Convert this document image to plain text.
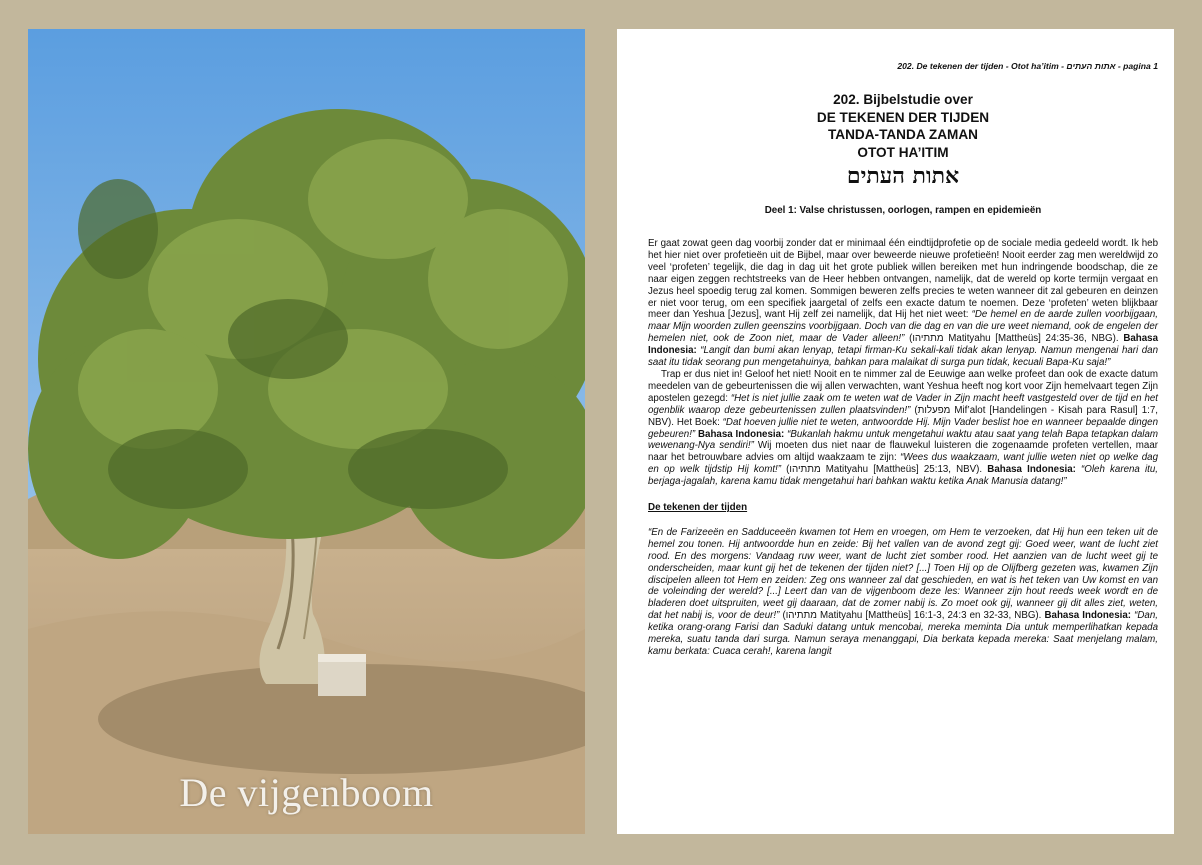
De vijgenboom
202. De tekenen der tijden - Otot ha’itim - אתות העתים - pagina 1
202. Bijbelstudie over
DE TEKENEN DER TIJDEN
TANDA-TANDA ZAMAN
OTOT HA’ITIM
אתות העתים
Deel 1: Valse christussen, oorlogen, rampen en epidemieën

Er gaat zowat geen dag voorbij zonder dat er minimaal één eindtijdprofetie op de sociale media gedeeld wordt. Ik heb het hier niet over profetieën uit de Bijbel, maar over beweerde nieuwe profetieën! Nooit eerder zag men wereldwijd zo veel ‘profeten’ tegelijk, die dag in dag uit het grote publiek willen bereiken met hun indringende boodschap, die ze naar eigen zeggen rechtstreeks van de Heer hebben ontvangen, namelijk, dat de wereld op korte termijn vergaat en Jezus heel spoedig terug zal komen. Sommigen beweren zelfs precies te weten wanneer dit zal gebeuren en deinzen er niet voor terug, om een specifiek jaargetal of zelfs een exacte datum te noemen. Deze ‘profeten’ weten blijkbaar meer dan Yeshua [Jezus], want Hij zelf zei namelijk, dat Hij het niet weet: “De hemel en de aarde zullen voorbijgaan, maar Mijn woorden zullen geenszins voorbijgaan. Doch van die dag en van die ure weet niemand, ook de engelen der hemelen niet, ook de Zoon niet, maar de Vader alleen!” (מתתיהו Matityahu [Mattheüs] 24:35-36, NBG). Bahasa Indonesia: “Langit dan bumi akan lenyap, tetapi firman-Ku sekali-kali tidak akan lenyap. Namun mengenai hari dan saat itu tidak seorang pun mengetahuinya, bahkan para malaikat di surga pun tidak, kecuali Bapa-Ku saja!”

Trap er dus niet in! Geloof het niet! Nooit en te nimmer zal de Eeuwige aan welke profeet dan ook de exacte datum meedelen van de gebeurtenissen die wij allen verwachten, want Yeshua heeft nog kort voor Zijn hemelvaart tegen Zijn apostelen gezegd: “Het is niet jullie zaak om te weten wat de Vader in Zijn macht heeft vastgesteld over de tijd en het ogenblik waarop deze gebeurtenissen zullen plaatsvinden!” (מפעלות Mif’alot [Handelingen - Kisah para Rasul] 1:7, NBV). Het Boek: “Dat hoeven jullie niet te weten, antwoordde Hij. Mijn Vader beslist hoe en wanneer bepaalde dingen gebeuren!” Bahasa Indonesia: “Bukanlah hakmu untuk mengetahui waktu atau saat yang telah Bapa tetapkan dalam wewenang-Nya sendiri!” Wij moeten dus niet naar de flauwekul luisteren die zogenaamde profeten vertellen, maar naar het betrouwbare advies om altijd waakzaam te zijn: “Wees dus waakzaam, want jullie weten niet op welke dag en op welk tijdstip Hij komt!” (מתתיהו Matityahu [Mattheüs] 25:13, NBV). Bahasa Indonesia: “Oleh karena itu, berjaga-jagalah, karena kamu tidak mengetahui hari bahkan waktu ketika Anak Manusia datang!”

De tekenen der tijden

“En de Farizeeën en Sadduceeën kwamen tot Hem en vroegen, om Hem te verzoeken, dat Hij hun een teken uit de hemel zou tonen. Hij antwoordde hun en zeide: Bij het vallen van de avond zegt gij: Goed weer, want de lucht ziet rood. En des morgens: Vandaag ruw weer, want de lucht ziet somber rood. Het aanzien van de lucht weet gij te onderscheiden, maar kunt gij het de tekenen der tijden niet? [...] Toen Hij op de Olijfberg gezeten was, kwamen Zijn discipelen alleen tot Hem en zeiden: Zeg ons wanneer zal dat geschieden, en wat is het teken van Uw komst en van de voleinding der wereld? [...] Leert dan van de vijgenboom deze les: Wanneer zijn hout reeds week wordt en de bladeren doet uitspruiten, weet gij daaraan, dat de zomer nabij is. Zo moet ook gij, wanneer gij dit alles ziet, weten, dat het nabij is, voor de deur!” (מתתיהו Matityahu [Mattheüs] 16:1-3, 24:3 en 32-33, NBG). Bahasa Indonesia: “Dan, ketika orang-orang Farisi dan Saduki datang untuk mencobai, mereka meminta Dia untuk memperlihatkan kepada mereka, suatu tanda dari surga. Namun seraya menanggapi, Dia berkata kepada mereka: Saat menjelang malam, kamu berkata: Cuaca cerah!, karena langit
